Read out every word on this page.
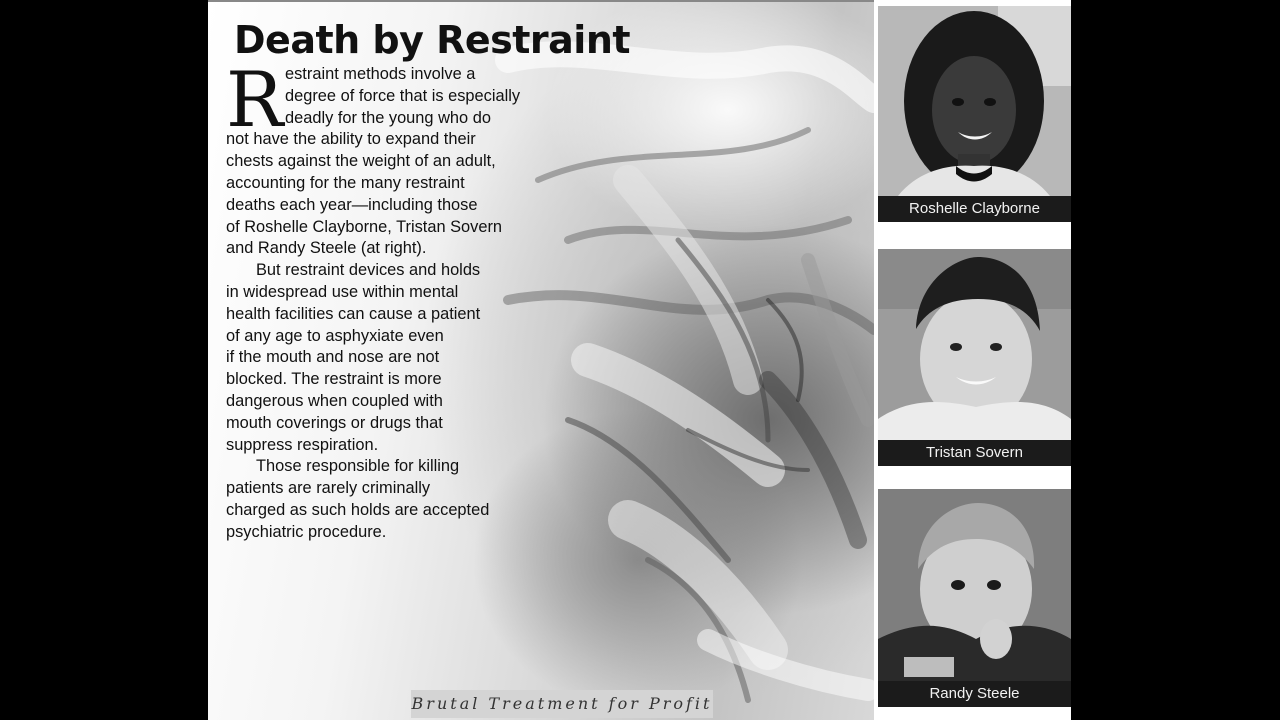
Death by Restraint
R estraint methods involve a
degree of force that is especially
deadly for the young who do
not have the ability to expand their
chests against the weight of an adult,
accounting for the many restraint
deaths each year—including those
of Roshelle Clayborne, Tristan Sovern
and Randy Steele (at right).
But restraint devices and holds
in widespread use within mental
health facilities can cause a patient
of any age to asphyxiate even
if the mouth and nose are not
blocked. The restraint is more
dangerous when coupled with
mouth coverings or drugs that
suppress respiration.
Those responsible for killing
patients are rarely criminally
charged as such holds are accepted
psychiatric procedure.
Brutal Treatment for Profit
Roshelle Clayborne
Tristan Sovern
Randy Steele
